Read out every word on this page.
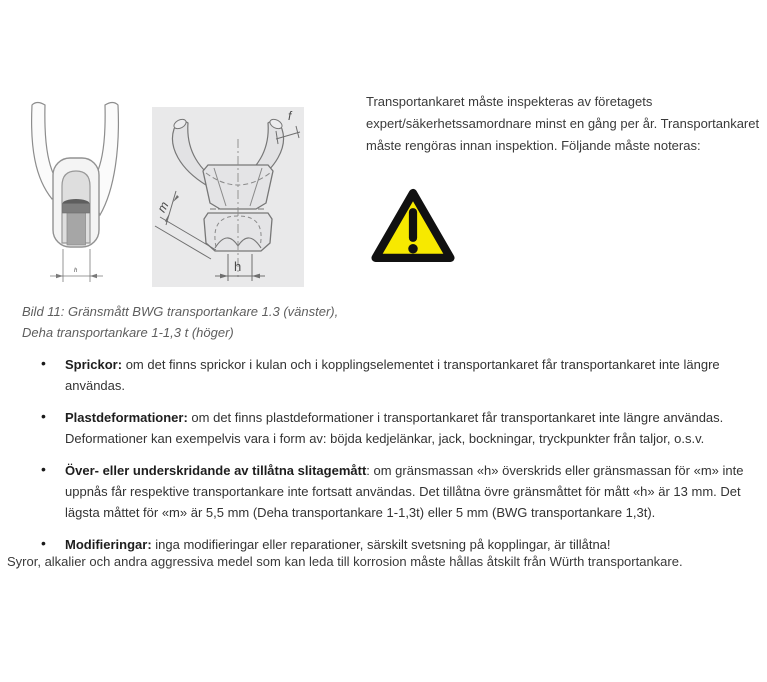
h
f
m
h
Transportankaret måste inspekteras av företagets expert/säkerhetssamordnare minst en gång per år. Transportankaret måste rengöras innan inspektion. Följande måste noteras:
Bild 11: Gränsmått BWG transportankare 1.3 (vänster),
Deha transportankare 1-1,3 t (höger)
• Sprickor: om det finns sprickor i kulan och i kopplingselementet i transportankaret får transportankaret inte längre användas.
• Plastdeformationer: om det finns plastdeformationer i transportankaret får transportankaret inte längre användas. Deformationer kan exempelvis vara i form av: böjda kedjelänkar, jack, bockningar, tryckpunkter från taljor, o.s.v.
• Över- eller underskridande av tillåtna slitagemått: om gränsmassan «h» överskrids eller gränsmassan för «m» inte uppnås får respektive transportankare inte fortsatt användas. Det tillåtna övre gränsmåttet för mått «h» är 13 mm. Det lägsta måttet för «m» är 5,5 mm (Deha transportankare 1-1,3t) eller 5 mm (BWG transportankare 1,3t).
• Modifieringar: inga modifieringar eller reparationer, särskilt svetsning på kopplingar, är tillåtna!
Syror, alkalier och andra aggressiva medel som kan leda till korrosion måste hållas åtskilt från Würth transportankare.
